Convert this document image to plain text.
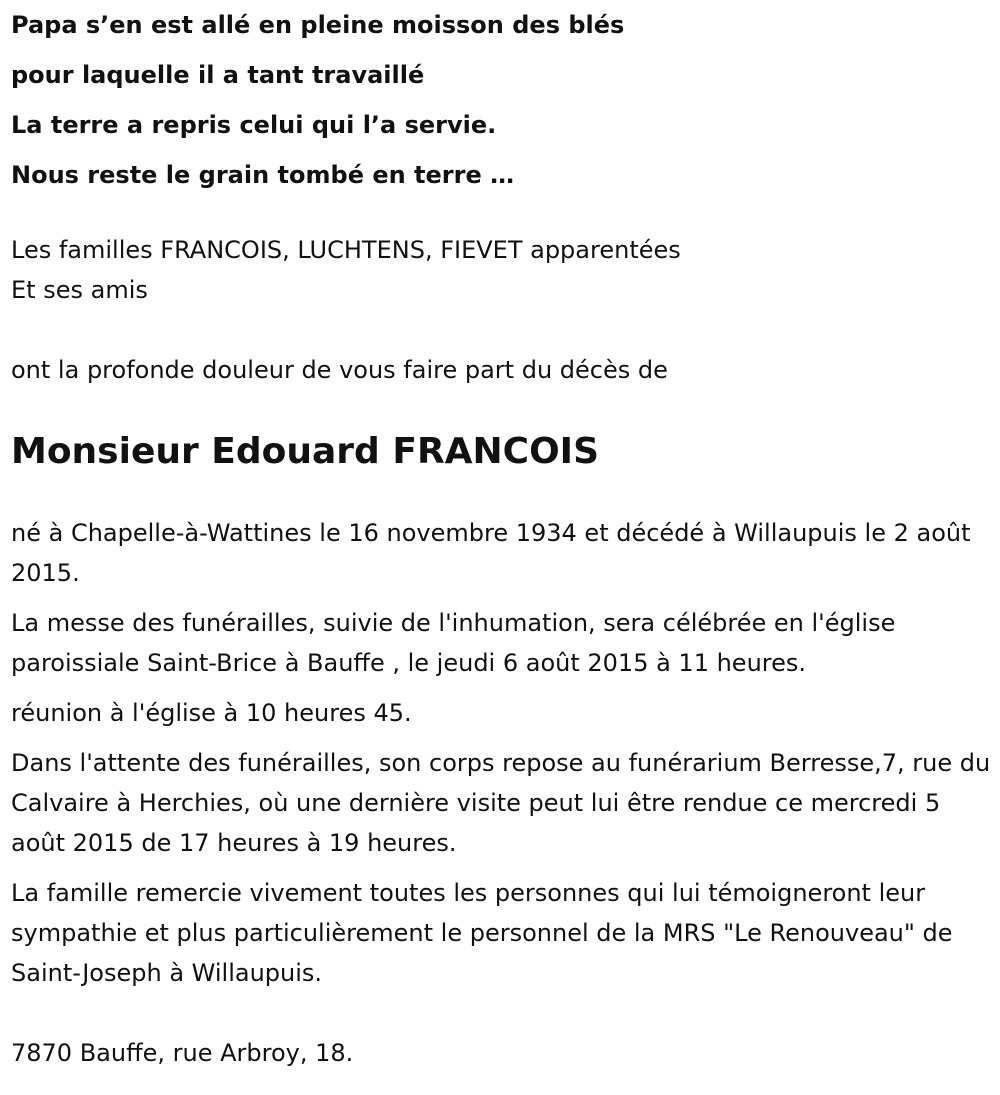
Papa s’en est allé en pleine moisson des blés

pour laquelle il a tant travaillé

La terre a repris celui qui l’a servie.

Nous reste le grain tombé en terre …

Les familles FRANCOIS, LUCHTENS, FIEVET apparentées

Et ses amis

ont la profonde douleur de vous faire part du décès de

Monsieur Edouard FRANCOIS

né à Chapelle-à-Wattines le 16 novembre 1934 et décédé à Willaupuis le 2 août 2015.

La messe des funérailles, suivie de l'inhumation, sera célébrée en l'église paroissiale Saint-Brice à Bauffe , le jeudi 6 août 2015 à 11 heures.

réunion à l'église à 10 heures 45.

Dans l'attente des funérailles, son corps repose au funérarium Berresse,7, rue du Calvaire à Herchies, où une dernière visite peut lui être rendue ce mercredi 5 août 2015 de 17 heures à 19 heures.

La famille remercie vivement toutes les personnes qui lui témoigneront leur sympathie et plus particulièrement le personnel de la MRS "Le Renouveau" de Saint-Joseph à Willaupuis.

7870 Bauffe, rue Arbroy, 18.
